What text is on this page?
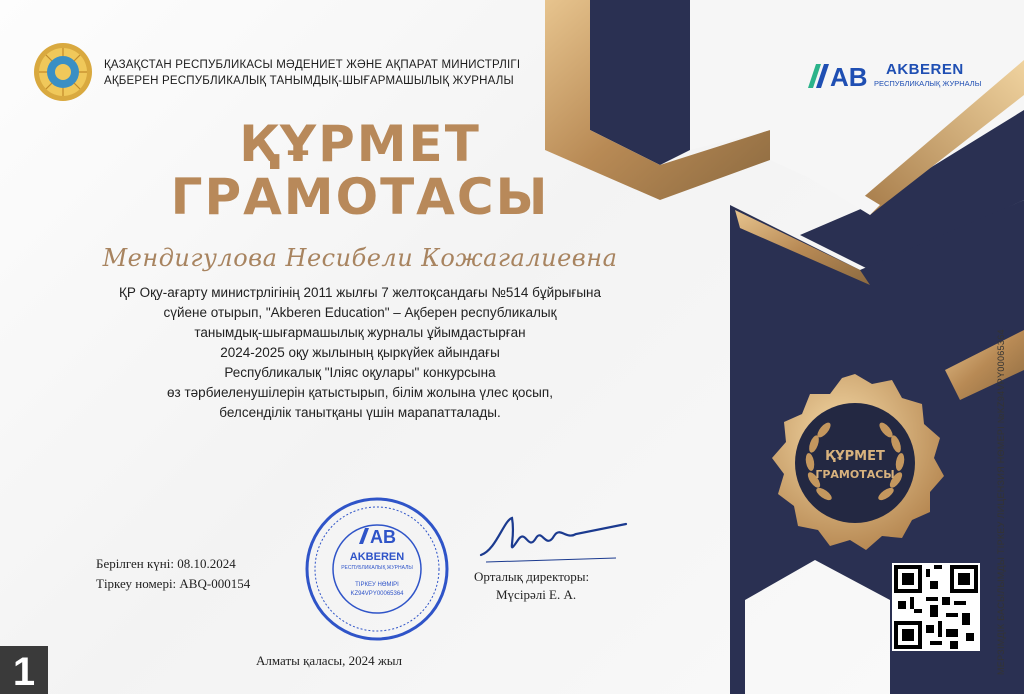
ҚАЗАҚСТАН РЕСПУБЛИКАСЫ МӘДЕНИЕТ ЖӘНЕ АҚПАРАТ МИНИСТРЛІГІ
АҚБЕРЕН РЕСПУБЛИКАЛЫҚ ТАНЫМДЫҚ-ШЫҒАРМАШЫЛЫҚ ЖУРНАЛЫ	AB AKBEREN
РЕСПУБЛИКАЛЫҚ ЖУРНАЛЫ
ҚҰРМЕТ
ГРАМОТАСЫ
Мендигулова Несибели Кожагалиевна
ҚР Оқу-ағарту министрлігінің 2011 жылғы 7 желтоқсандағы №514 бұйрығына
сүйене отырып, "Akberen Education" – Ақберен республикалық
танымдық-шығармашылық журналы ұйымдастырған
2024-2025 оқу жылының қыркүйек айындағы
Республикалық "Іліяс оқулары" конкурсына
өз тәрбиеленушілерін қатыстырып, білім жолына үлес қосып,
белсенділік танытқаны үшін марапатталады.
AB
AKBEREN
РЕСПУБЛИКАЛЫҚ ЖУРНАЛЫ
ТІРКЕУ НӨМІРІ
KZ94VPY00065364
Берілген күні: 08.10.2024
Тіркеу номері: ABQ-000154	Орталық директоры:
Мүсірәлі Е. А.
Алматы қаласы, 2024 жыл
ҚҰРМЕТ
ГРАМОТАСЫ	МЕРЗІМДІК БАСЫЛЫМДЫ ТІРКЕУ ЛИЦЕНЗИЯ НӨМЕРІ №KZ94VPY00065364
1
